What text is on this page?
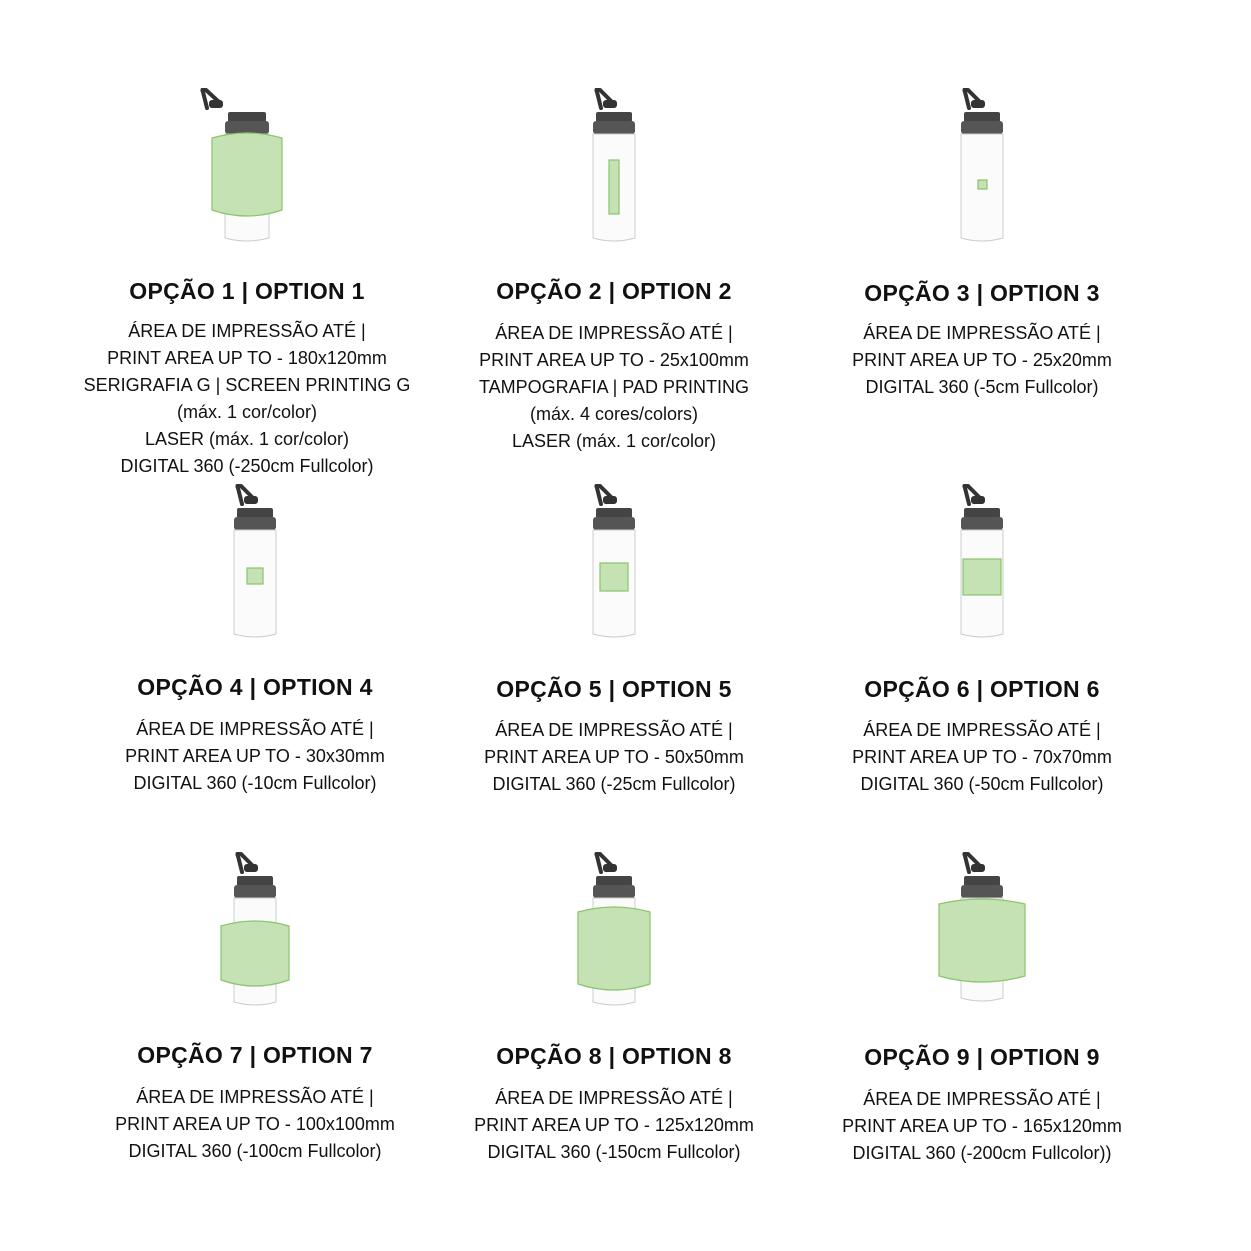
OPÇÃO 1 | OPTION 1
ÁREA DE IMPRESSÃO ATÉ |
PRINT AREA UP TO - 180x120mm
SERIGRAFIA G | SCREEN PRINTING G
(máx. 1 cor/color)
LASER (máx. 1 cor/color)
DIGITAL 360 (-250cm Fullcolor)
OPÇÃO 2 | OPTION 2
ÁREA DE IMPRESSÃO ATÉ |
PRINT AREA UP TO - 25x100mm
TAMPOGRAFIA | PAD PRINTING
(máx. 4 cores/colors)
LASER (máx. 1 cor/color)
OPÇÃO 3 | OPTION 3
ÁREA DE IMPRESSÃO ATÉ |
PRINT AREA UP TO - 25x20mm
DIGITAL 360 (-5cm Fullcolor)
OPÇÃO 4 | OPTION 4
ÁREA DE IMPRESSÃO ATÉ |
PRINT AREA UP TO - 30x30mm
DIGITAL 360 (-10cm Fullcolor)
OPÇÃO 5 | OPTION 5
ÁREA DE IMPRESSÃO ATÉ |
PRINT AREA UP TO - 50x50mm
DIGITAL 360 (-25cm Fullcolor)
OPÇÃO 6 | OPTION 6
ÁREA DE IMPRESSÃO ATÉ |
PRINT AREA UP TO - 70x70mm
DIGITAL 360 (-50cm Fullcolor)
OPÇÃO 7 | OPTION 7
ÁREA DE IMPRESSÃO ATÉ |
PRINT AREA UP TO - 100x100mm
DIGITAL 360 (-100cm Fullcolor)
OPÇÃO 8 | OPTION 8
ÁREA DE IMPRESSÃO ATÉ |
PRINT AREA UP TO - 125x120mm
DIGITAL 360 (-150cm Fullcolor)
OPÇÃO 9 | OPTION 9
ÁREA DE IMPRESSÃO ATÉ |
PRINT AREA UP TO - 165x120mm
DIGITAL 360 (-200cm Fullcolor))
